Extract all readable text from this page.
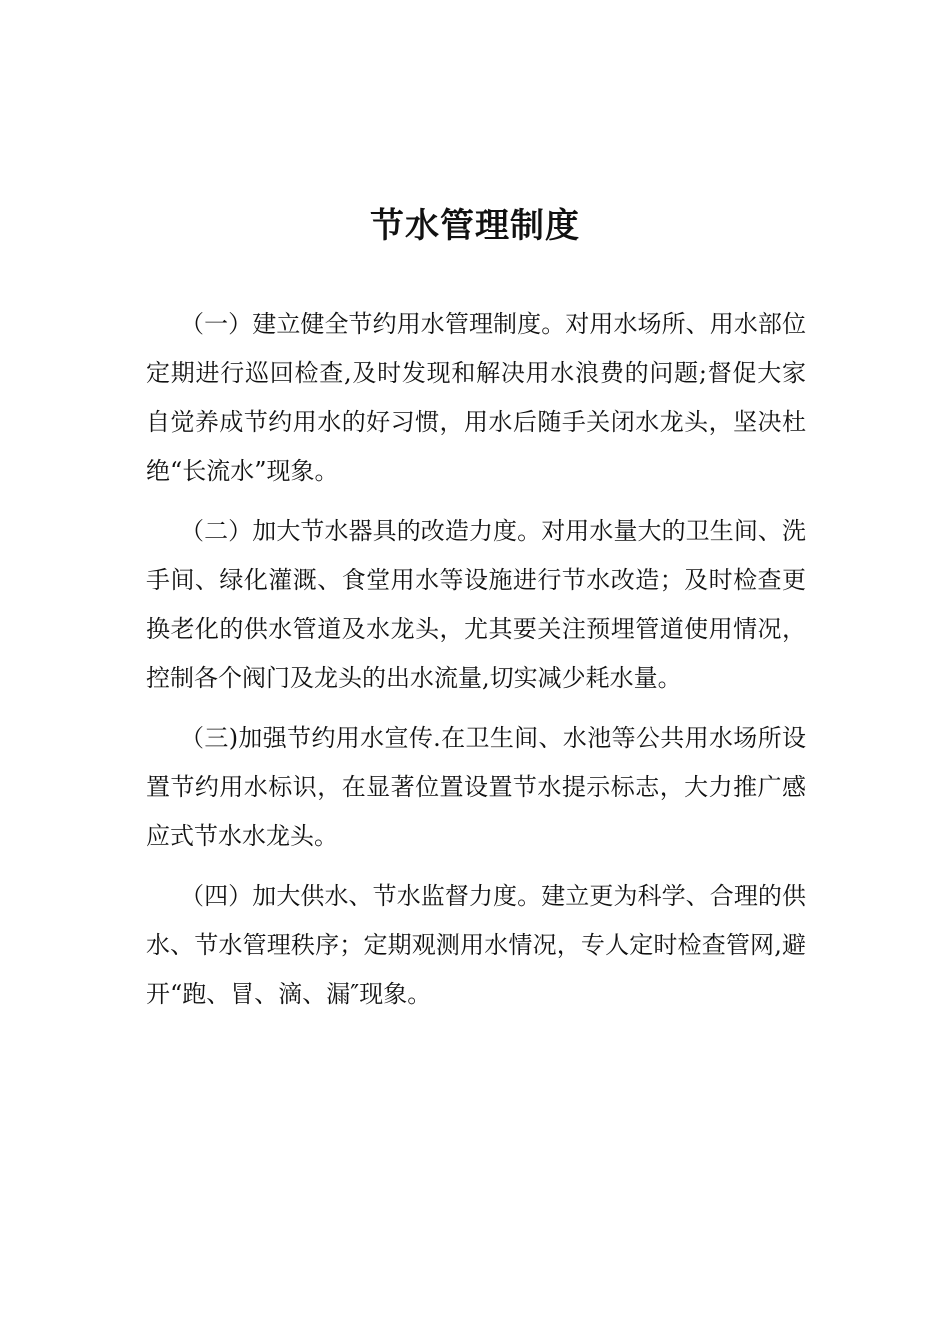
节水管理制度

（一）建立健全节约用水管理制度。对用水场所、用水部位定期进行巡回检查,及时发现和解决用水浪费的问题;督促大家自觉养成节约用水的好习惯，用水后随手关闭水龙头，坚决杜绝“长流水”现象。

（二）加大节水器具的改造力度。对用水量大的卫生间、洗手间、绿化灌溉、食堂用水等设施进行节水改造；及时检查更换老化的供水管道及水龙头，尤其要关注预埋管道使用情况，控制各个阀门及龙头的出水流量,切实减少耗水量。

（三)加强节约用水宣传.在卫生间、水池等公共用水场所设置节约用水标识，在显著位置设置节水提示标志，大力推广感应式节水水龙头。

（四）加大供水、节水监督力度。建立更为科学、合理的供水、节水管理秩序；定期观测用水情况，专人定时检查管网,避开“跑、冒、滴、漏″现象。
